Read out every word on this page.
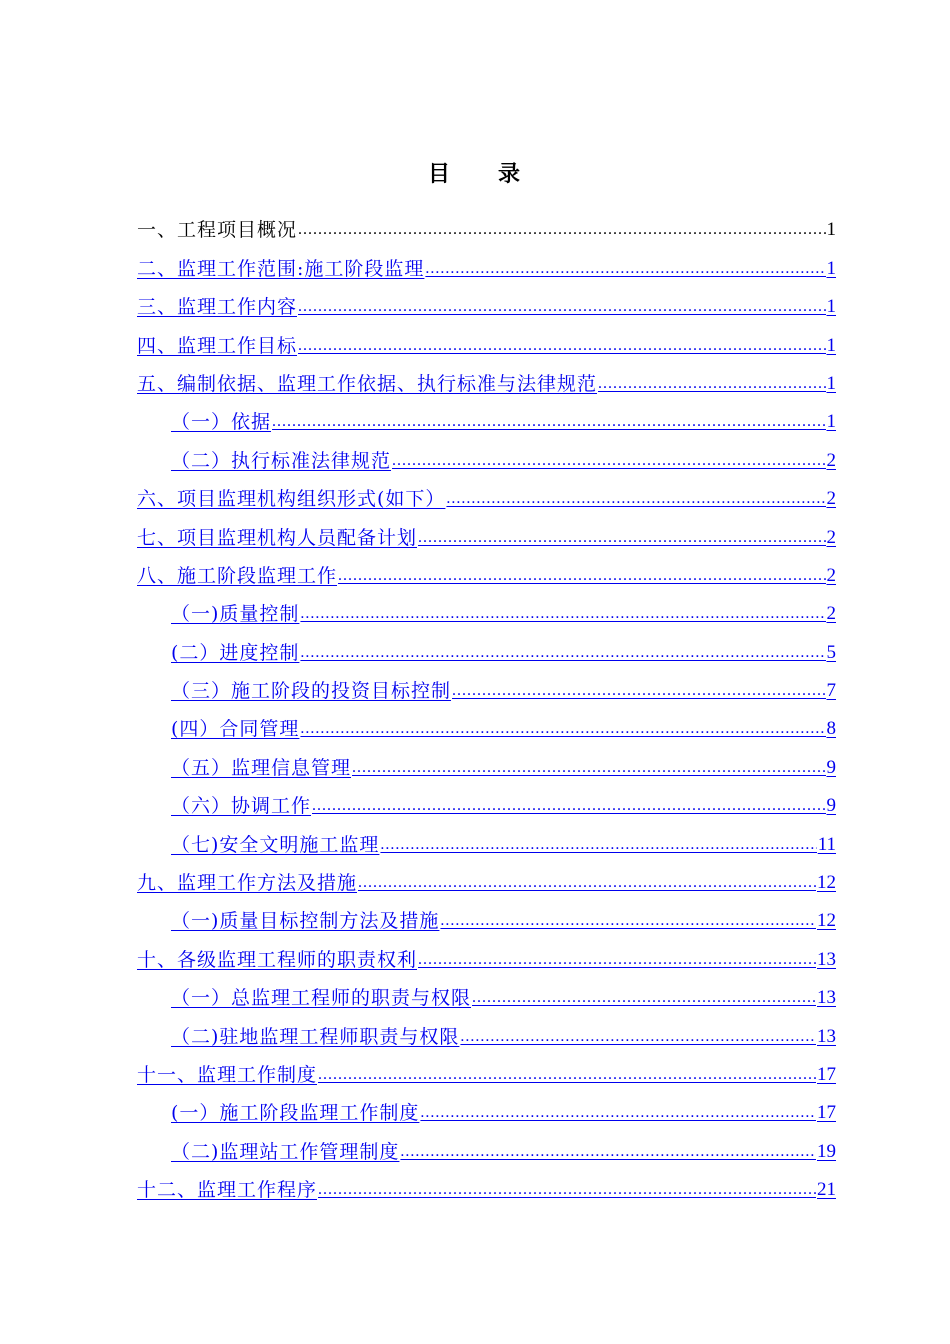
目 录
一、工程项目概况 .....	1
二、监理工作范围:施工阶段监理 .....	1
三、监理工作内容 .....	1
四、监理工作目标 .....	1
五、编制依据、监理工作依据、执行标准与法律规范 .....	1
（一）依据 .....	1
（二）执行标准法律规范 .....	2
六、项目监理机构组织形式(如下） .....	2
七、项目监理机构人员配备计划 .....	2
八、施工阶段监理工作 .....	2
（一)质量控制 .....	2
(二）进度控制 .....	5
（三）施工阶段的投资目标控制 .....	7
(四）合同管理 .....	8
（五）监理信息管理 .....	9
（六）协调工作 .....	9
（七)安全文明施工监理 .....	11
九、监理工作方法及措施 .....	12
（一)质量目标控制方法及措施 .....	12
十、各级监理工程师的职责权利 .....	13
（一）总监理工程师的职责与权限 .....	13
（二)驻地监理工程师职责与权限 .....	13
十一、监理工作制度 .....	17
(一）施工阶段监理工作制度 .....	17
（二)监理站工作管理制度 .....	19
十二、监理工作程序 .....	21
